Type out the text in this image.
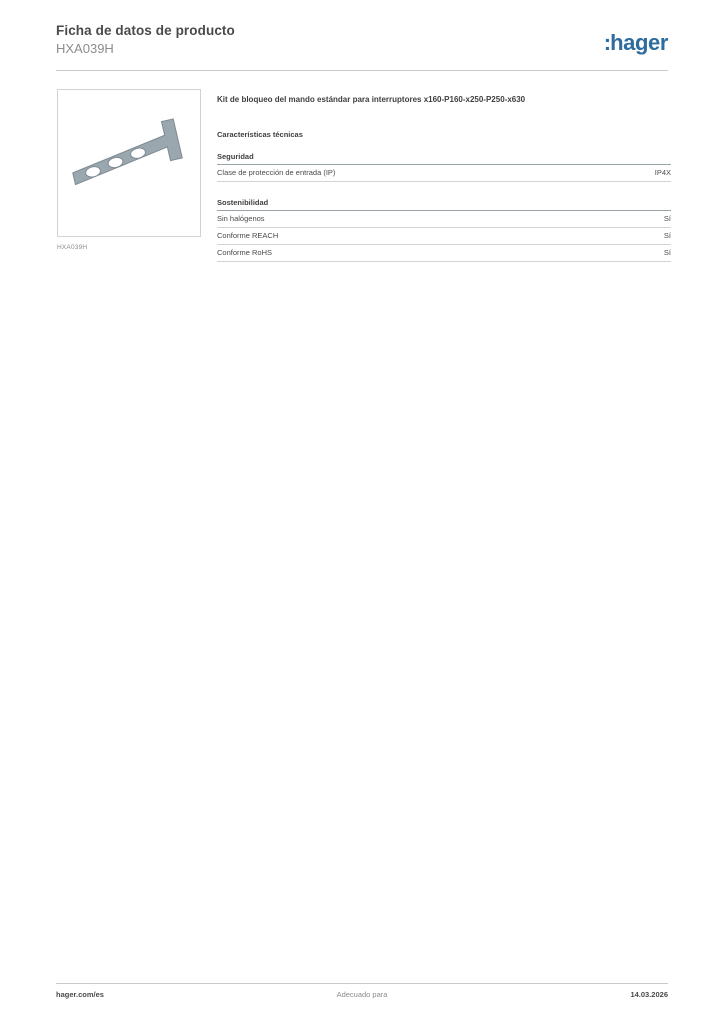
Ficha de datos de producto
HXA039H	:hager
HXA039H
Kit de bloqueo del mando estándar para interruptores x160-P160-x250-P250-x630
Características técnicas
Seguridad
Clase de protección de entrada (IP)	IP4X
Sostenibilidad
Sin halógenos	Sí
Conforme REACH	Sí
Conforme RoHS	Sí
hager.com/es	Adecuado para	14.03.2026
